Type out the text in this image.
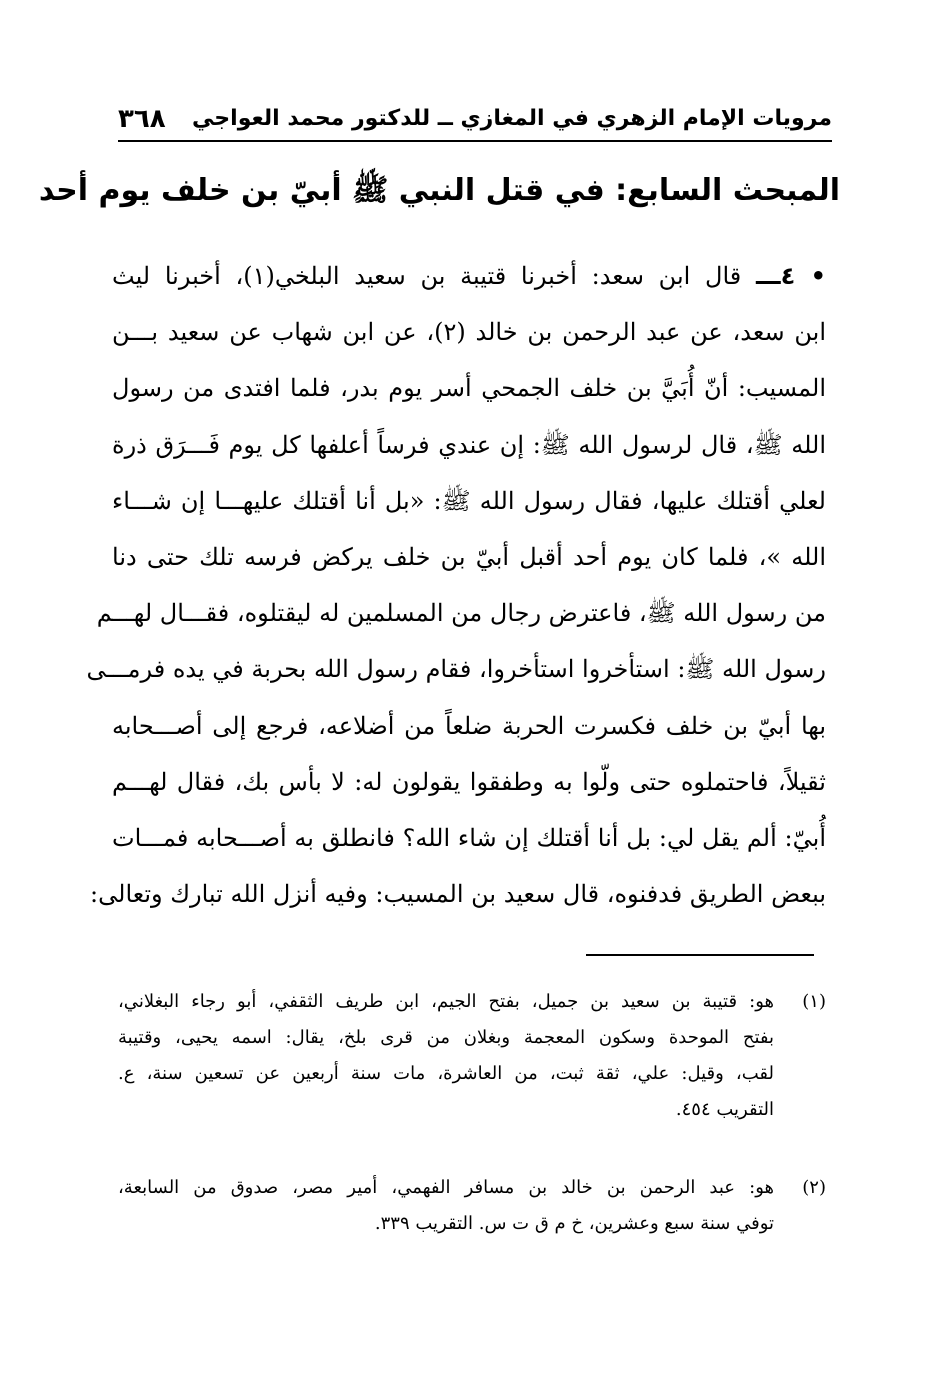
مرويات الإمام الزهري في المغازي ــ للدكتور محمد العواجي
٣٦٨
المبحث السابع: في قتل النبي ﷺ أبيّ بن خلف يوم أحد
• ٤ـــ قال ابن سعد: أخبرنا قتيبة بن سعيد البلخي(١)، أخبرنا ليث
ابن سعد، عن عبد الرحمن بن خالد (٢)، عن ابن شهاب عن سعيد بـــن
المسيب: أنّ أُبَيَّ بن خلف الجمحي أسر يوم بدر، فلما افتدى من رسول
الله ﷺ، قال لرسول الله ﷺ: إن عندي فرساً أعلفها كل يوم فَـــرَق ذرة
لعلي أقتلك عليها، فقال رسول الله ﷺ: «بل أنا أقتلك عليهـــا إن شـــاء
الله »، فلما كان يوم أحد أقبل أبيّ بن خلف يركض فرسه تلك حتى دنا
من رسول الله ﷺ، فاعترض رجال من المسلمين له ليقتلوه، فقـــال لهـــم
رسول الله ﷺ: استأخروا استأخروا، فقام رسول الله بحربة في يده فرمـــى
بها أبيّ بن خلف فكسرت الحربة ضلعاً من أضلاعه، فرجع إلى أصـــحابه
ثقيلاً، فاحتملوه حتى ولّوا به وطفقوا يقولون له: لا بأس بك، فقال لهـــم
أُبيّ: ألم يقل لي: بل أنا أقتلك إن شاء الله؟ فانطلق به أصـــحابه فمـــات
ببعض الطريق فدفنوه، قال سعيد بن المسيب: وفيه أنزل الله تبارك وتعالى:
(١)
هو: قتيبة بن سعيد بن جميل، بفتح الجيم، ابن طريف الثقفي، أبو رجاء البغلاني،
بفتح الموحدة وسكون المعجمة وبغلان من قرى بلخ، يقال: اسمه يحيى، وقتيبة
لقب، وقيل: علي، ثقة ثبت، من العاشرة، مات سنة أربعين عن تسعين سنة، ع.
التقريب ٤٥٤.
(٢)
هو: عبد الرحمن بن خالد بن مسافر الفهمي، أمير مصر، صدوق من السابعة،
توفي سنة سبع وعشرين، خ م ق ت س. التقريب ٣٣٩.
